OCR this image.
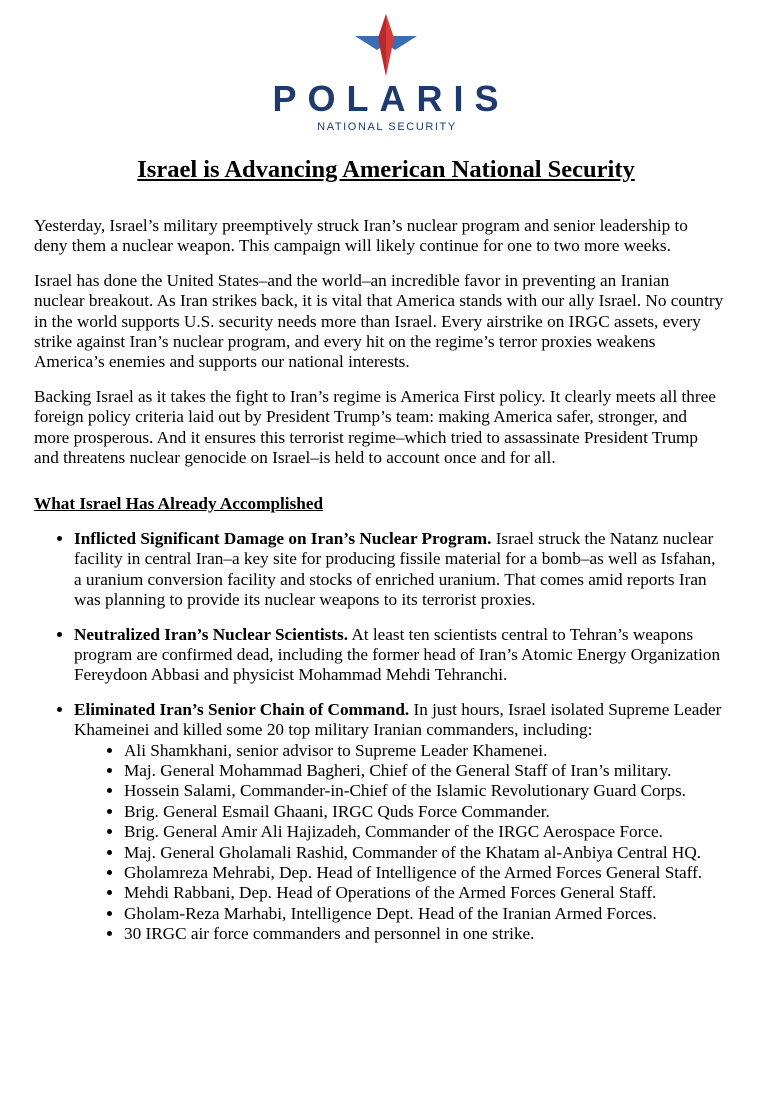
POLARIS
NATIONAL SECURITY
Israel is Advancing American National Security

Yesterday, Israel’s military preemptively struck Iran’s nuclear program and senior leadership to deny them a nuclear weapon. This campaign will likely continue for one to two more weeks.

Israel has done the United States–and the world–an incredible favor in preventing an Iranian nuclear breakout. As Iran strikes back, it is vital that America stands with our ally Israel. No country in the world supports U.S. security needs more than Israel. Every airstrike on IRGC assets, every strike against Iran’s nuclear program, and every hit on the regime’s terror proxies weakens America’s enemies and supports our national interests.

Backing Israel as it takes the fight to Iran’s regime is America First policy. It clearly meets all three foreign policy criteria laid out by President Trump’s team: making America safer, stronger, and more prosperous. And it ensures this terrorist regime–which tried to assassinate President Trump and threatens nuclear genocide on Israel–is held to account once and for all.

What Israel Has Already Accomplished
• Inflicted Significant Damage on Iran’s Nuclear Program. Israel struck the Natanz nuclear facility in central Iran–a key site for producing fissile material for a bomb–as well as Isfahan, a uranium conversion facility and stocks of enriched uranium. That comes amid reports Iran was planning to provide its nuclear weapons to its terrorist proxies.
• Neutralized Iran’s Nuclear Scientists. At least ten scientists central to Tehran’s weapons program are confirmed dead, including the former head of Iran’s Atomic Energy Organization Fereydoon Abbasi and physicist Mohammad Mehdi Tehranchi.
• Eliminated Iran’s Senior Chain of Command. In just hours, Israel isolated Supreme Leader Khameinei and killed some 20 top military Iranian commanders, including:
• Ali Shamkhani, senior advisor to Supreme Leader Khamenei.
• Maj. General Mohammad Bagheri, Chief of the General Staff of Iran’s military.
• Hossein Salami, Commander-in-Chief of the Islamic Revolutionary Guard Corps.
• Brig. General Esmail Ghaani, IRGC Quds Force Commander.
• Brig. General Amir Ali Hajizadeh, Commander of the IRGC Aerospace Force.
• Maj. General Gholamali Rashid, Commander of the Khatam al-Anbiya Central HQ.
• Gholamreza Mehrabi, Dep. Head of Intelligence of the Armed Forces General Staff.
• Mehdi Rabbani, Dep. Head of Operations of the Armed Forces General Staff.
• Gholam-Reza Marhabi, Intelligence Dept. Head of the Iranian Armed Forces.
• 30 IRGC air force commanders and personnel in one strike.
